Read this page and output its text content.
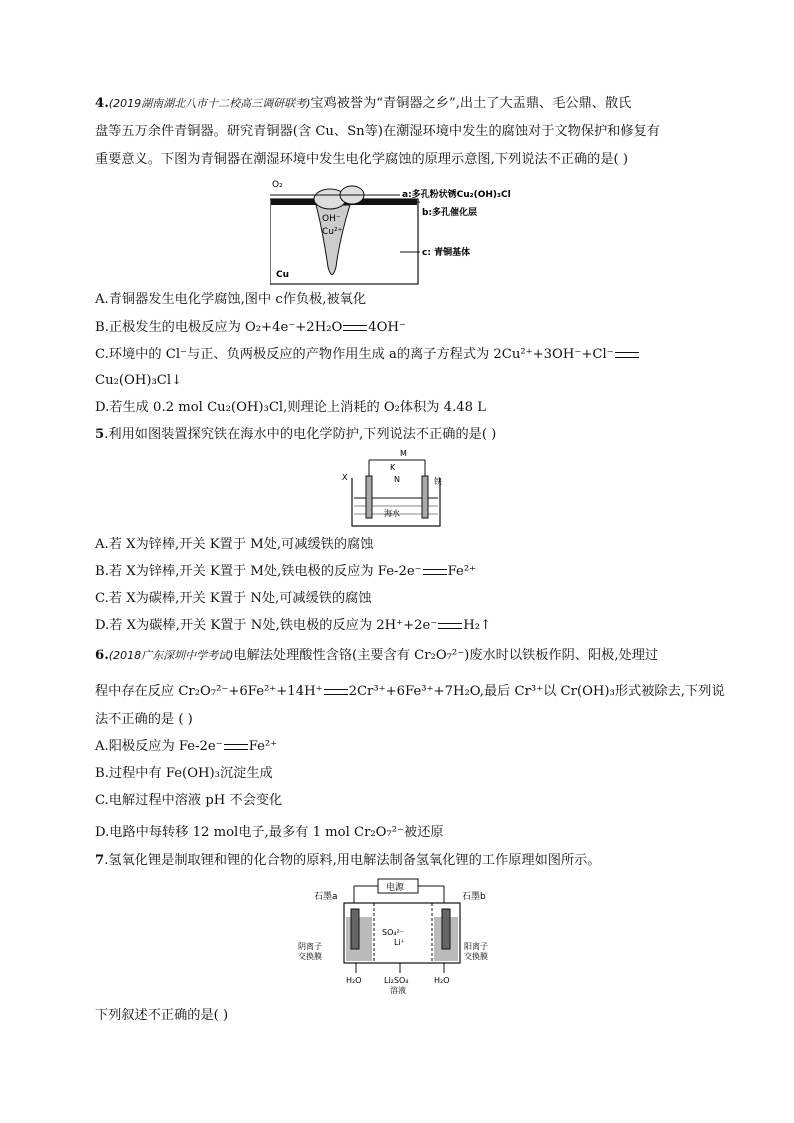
4.(2019湖南湖北八市十二校高三调研联考)宝鸡被誉为“青铜器之乡”,出土了大盂鼎、毛公鼎、散氏
盘等五万余件青铜器。研究青铜器(含 Cu、Sn等)在潮湿环境中发生的腐蚀对于文物保护和修复有
重要意义。下图为青铜器在潮湿环境中发生电化学腐蚀的原理示意图,下列说法不正确的是( )
O₂
OH⁻
Cu²⁺
Cu
a:多孔粉状锈Cu₂(OH)₃Cl
b:多孔催化层
c: 青铜基体
A.青铜器发生电化学腐蚀,图中 c作负极,被氧化
B.正极发生的电极反应为 O₂+4e⁻+2H₂O 4OH⁻
C.环境中的 Cl⁻与正、负两极反应的产物作用生成 a的离子方程式为 2Cu²⁺+3OH⁻+Cl⁻
Cu₂(OH)₃Cl↓
D.若生成 0.2 mol Cu₂(OH)₃Cl,则理论上消耗的 O₂体积为 4.48 L
5.利用如图装置探究铁在海水中的电化学防护,下列说法不正确的是( )
K
M
N
X	铁
海水
A.若 X为锌棒,开关 K置于 M处,可减缓铁的腐蚀
B.若 X为锌棒,开关 K置于 M处,铁电极的反应为 Fe-2e⁻ Fe²⁺
C.若 X为碳棒,开关 K置于 N处,可减缓铁的腐蚀
D.若 X为碳棒,开关 K置于 N处,铁电极的反应为 2H⁺+2e⁻ H₂↑
6.(2018广东深圳中学考试)电解法处理酸性含铬(主要含有 Cr₂O₇²⁻)废水时以铁板作阴、阳极,处理过
程中存在反应 Cr₂O₇²⁻+6Fe²⁺+14H⁺ 2Cr³⁺+6Fe³⁺+7H₂O,最后 Cr³⁺以 Cr(OH)₃形式被除去,下列说
法不正确的是 ( )
A.阳极反应为 Fe-2e⁻ Fe²⁺
B.过程中有 Fe(OH)₃沉淀生成
C.电解过程中溶液 pH 不会变化
D.电路中每转移 12 mol电子,最多有 1 mol Cr₂O₇²⁻被还原
7.氢氧化锂是制取锂和锂的化合物的原料,用电解法制备氢氧化锂的工作原理如图所示。
电源
石墨a	石墨b
阴离子
交换膜
阳离子
交换膜
SO₄²⁻
Li⁺
H₂O	Li₂SO₄
溶液
H₂O
下列叙述不正确的是( )
